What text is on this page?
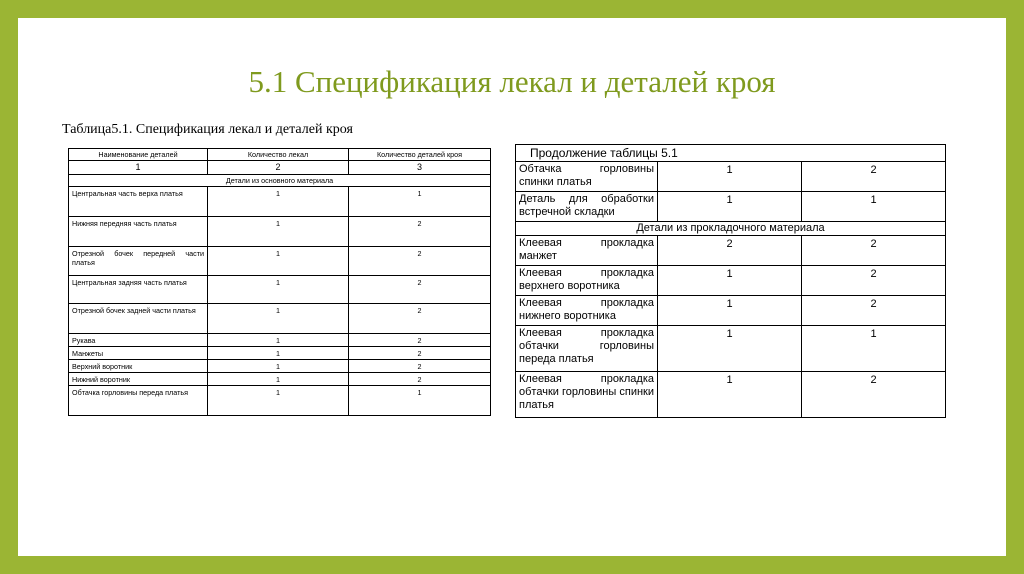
5.1 Спецификация лекал и деталей кроя
Таблица5.1. Спецификация лекал и деталей кроя
Наименование деталей	Количество лекал	Количество деталей кроя
1	2	3
Детали из основного материала		
Центральная часть верха платья	1	1
Нижняя передняя часть платья	1	2
Отрезной бочек передней части платья	1	2
Центральная задняя часть платья	1	2
Отрезной бочек задней части платья	1	2
Рукава	1	2
Манжеты	1	2
Верхний воротник	1	2
Нижний воротник	1	2
Обтачка горловины переда платья	1	1
Продолжение таблицы 5.1		
Обтачка горловины спинки платья	1	2
Деталь для обработки встречной складки	1	1
Детали из прокладочного материала		
Клеевая прокладка манжет	2	2
Клеевая прокладка верхнего воротника	1	2
Клеевая прокладка нижнего воротника	1	2
Клеевая прокладка обтачки горловины переда платья	1	1
Клеевая прокладка обтачки горловины спинки платья	1	2
